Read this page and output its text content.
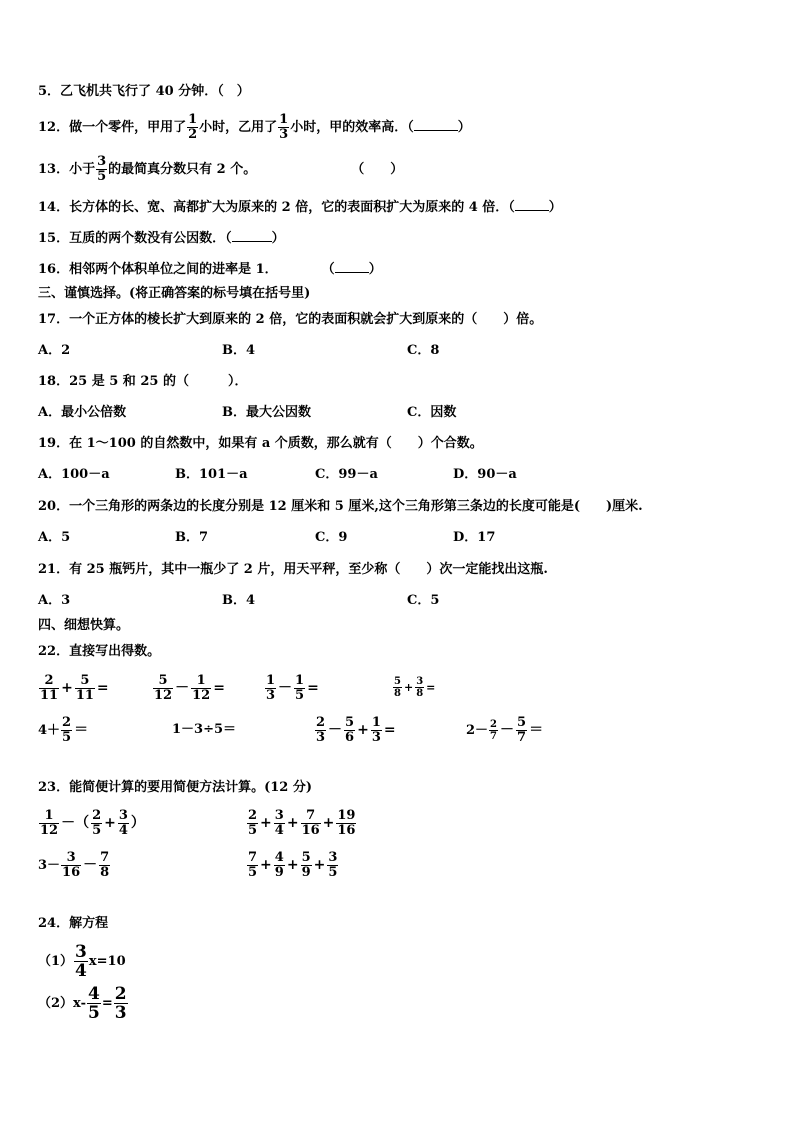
5．乙飞机共飞行了 40 分钟．（　）
12．做一个零件，甲用了 $\frac{1}{2}$ 小时，乙用了 $\frac{1}{3}$ 小时，甲的效率高．（	）
13．小于 $\frac{3}{5}$ 的最简真分数只有 2 个。	（　　）
14．长方体的长、宽、高都扩大为原来的 2 倍，它的表面积扩大为原来的 4 倍．（	）
15．互质的两个数没有公因数．（	）
16．相邻两个体积单位之间的进率是 1．	（	）
三、谨慎选择。(将正确答案的标号填在括号里)
17．一个正方体的棱长扩大到原来的 2 倍，它的表面积就会扩大到原来的（　　）倍。
A．2	B．4	C．8
18．25 是 5 和 25 的（　　　）．
A．最小公倍数	B．最大公因数	C．因数
19．在 1～100 的自然数中，如果有 a 个质数，那么就有（　　）个合数。
A．100－a	B．101－a	C．99－a	D．90－a
20．一个三角形的两条边的长度分别是 12 厘米和 5 厘米,这个三角形第三条边的长度可能是(　　)厘米.
A．5	B．7	C．9	D．17
21．有 25 瓶钙片，其中一瓶少了 2 片，用天平秤，至少称（　　）次一定能找出这瓶.
A．3	B．4	C．5
四、细想快算。
22．直接写出得数。
$\frac{2}{11} + \frac{5}{11}$ =	$\frac{5}{12} - \frac{1}{12}$ =	$\frac{1}{3} - \frac{1}{5}$ =	$\frac{5}{8} + \frac{3}{8}$ =
$4+ \frac{2}{5}$ ＝	1－3÷5＝	$\frac{2}{3} - \frac{5}{6} + \frac{1}{3}$ =	$2- \frac{2}{7} - \frac{5}{7}$ ＝
23．能简便计算的要用简便方法计算。(12 分)
$\frac{1}{12}$ －（ $\frac{2}{5} + \frac{3}{4}$ ）	$\frac{2}{5} + \frac{3}{4} + \frac{7}{16} + \frac{19}{16}$
$3- \frac{3}{16} - \frac{7}{8}$	$\frac{7}{5} + \frac{4}{9} + \frac{5}{9} + \frac{3}{5}$
24．解方程
$(1) \frac{3}{4} x=10$
$(2)x- \frac{4}{5} = \frac{2}{3}$
